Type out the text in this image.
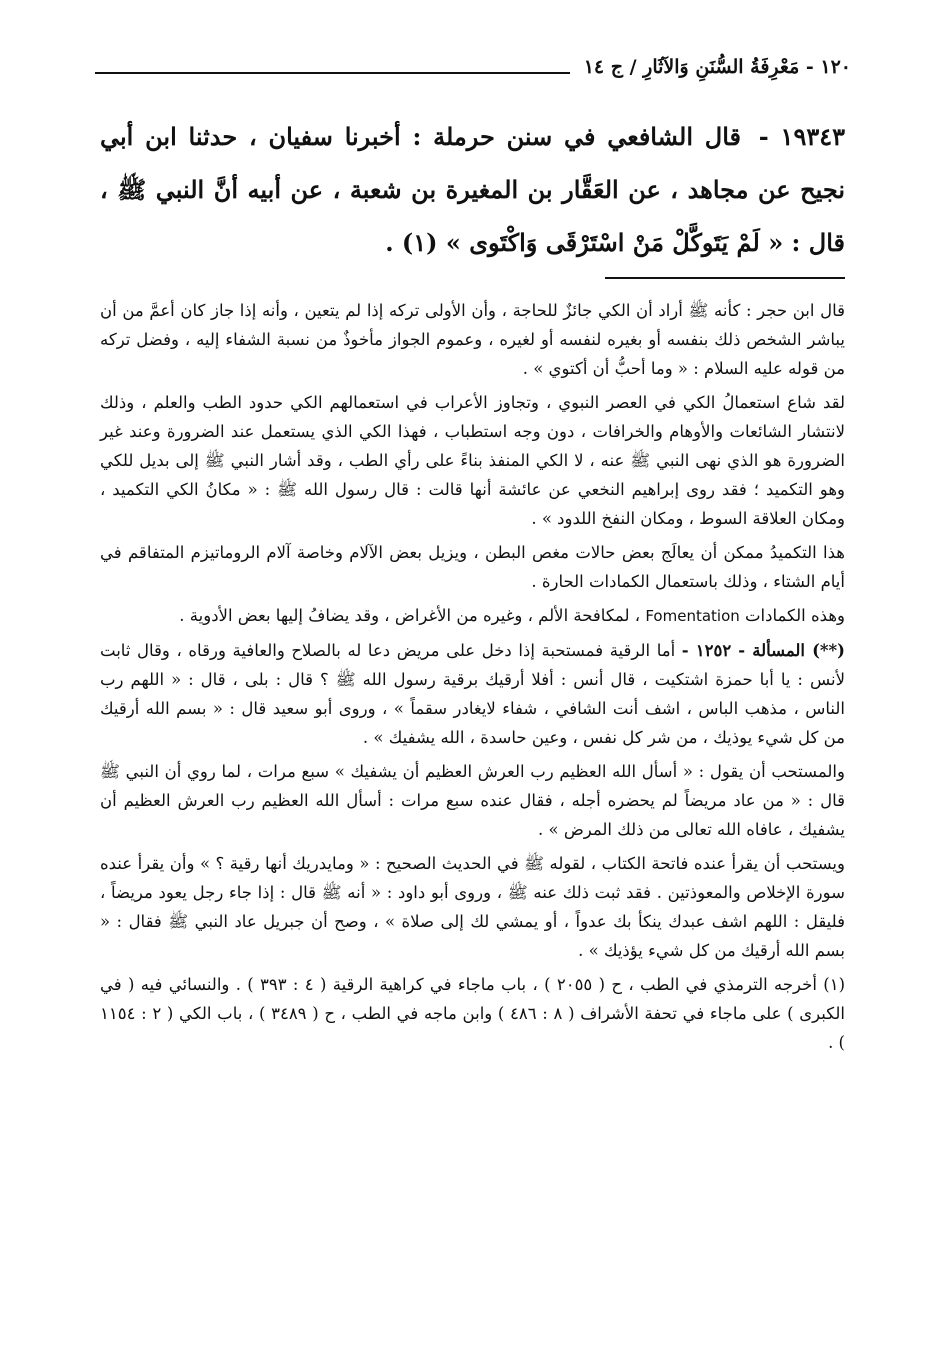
١٢٠ - مَعْرِفَةُ السُّنَنِ وَالآثَارِ / ج ١٤
١٩٣٤٣ - قال الشافعي في سنن حرملة : أخبرنا سفيان ، حدثنا ابن أبي نجيح عن مجاهد ، عن العَقَّار بن المغيرة بن شعبة ، عن أبيه أنَّ النبي ﷺ ، قال : « لَمْ يَتَوكَّلْ مَنْ اسْتَرْقَى وَاكْتَوى » (١) .

قال ابن حجر : كأنه ﷺ أراد أن الكي جائزٌ للحاجة ، وأن الأولى تركه إذا لم يتعين ، وأنه إذا جاز كان أعمَّ من أن يباشر الشخص ذلك بنفسه أو بغيره لنفسه أو لغيره ، وعموم الجواز مأخوذٌ من نسبة الشفاء إليه ، وفضل تركه من قوله عليه السلام : « وما أحبُّ أن أكتوي » .

لقد شاع استعمالُ الكي في العصر النبوي ، وتجاوز الأعراب في استعمالهم الكي حدود الطب والعلم ، وذلك لانتشار الشائعات والأوهام والخرافات ، دون وجه استطباب ، فهذا الكي الذي يستعمل عند الضرورة وعند غير الضرورة هو الذي نهى النبي ﷺ عنه ، لا الكي المنفذ بناءً على رأي الطب ، وقد أشار النبي ﷺ إلى بديل للكي وهو التكميد ؛ فقد روى إبراهيم النخعي عن عائشة أنها قالت : قال رسول الله ﷺ : « مكانُ الكي التكميد ، ومكان العلاقة السوط ، ومكان النفخ اللدود » .

هذا التكميدُ ممكن أن يعالَج بعض حالات مغص البطن ، ويزيل بعض الآلام وخاصة آلام الروماتيزم المتفاقم في أيام الشتاء ، وذلك باستعمال الكمادات الحارة .

وهذه الكمادات Fomentation ، لمكافحة الألم ، وغيره من الأغراض ، وقد يضافُ إليها بعض الأدوية .

(**) المسألة - ١٢٥٢ - أما الرقية فمستحبة إذا دخل على مريض دعا له بالصلاح والعافية ورقاه ، وقال ثابت لأنس : يا أبا حمزة اشتكيت ، قال أنس : أفلا أرقيك برقية رسول الله ﷺ ؟ قال : بلى ، قال : « اللهم رب الناس ، مذهب الباس ، اشف أنت الشافي ، شفاء لايغادر سقماً » ، وروى أبو سعيد قال : « بسم الله أرقيك من كل شيء يوذيك ، من شر كل نفس ، وعين حاسدة ، الله يشفيك » .

والمستحب أن يقول : « أسأل الله العظيم رب العرش العظيم أن يشفيك » سبع مرات ، لما روي أن النبي ﷺ قال : « من عاد مريضاً لم يحضره أجله ، فقال عنده سبع مرات : أسأل الله العظيم رب العرش العظيم أن يشفيك ، عافاه الله تعالى من ذلك المرض » .

ويستحب أن يقرأ عنده فاتحة الكتاب ، لقوله ﷺ في الحديث الصحيح : « ومايدريك أنها رقية ؟ » وأن يقرأ عنده سورة الإخلاص والمعوذتين . فقد ثبت ذلك عنه ﷺ ، وروى أبو داود : « أنه ﷺ قال : إذا جاء رجل يعود مريضاً ، فليقل : اللهم اشف عبدك ينكأ بك عدواً ، أو يمشي لك إلى صلاة » ، وصح أن جبريل عاد النبي ﷺ فقال : « بسم الله أرقيك من كل شيء يؤذيك » .

(١) أخرجه الترمذي في الطب ، ح ( ٢٠٥٥ ) ، باب ماجاء في كراهية الرقية ( ٤ : ٣٩٣ ) . والنسائي فيه ( في الكبرى ) على ماجاء في تحفة الأشراف ( ٨ : ٤٨٦ ) وابن ماجه في الطب ، ح ( ٣٤٨٩ ) ، باب الكي ( ٢ : ١١٥٤ ) .
